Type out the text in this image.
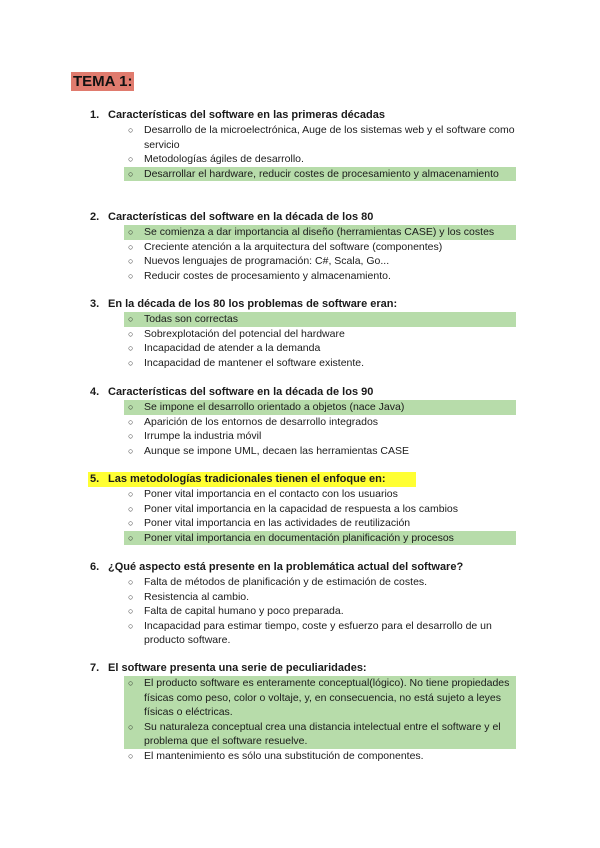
TEMA 1:
1. Características del software en las primeras décadas
○ Desarrollo de la microelectrónica, Auge de los sistemas web y el software como servicio
○ Metodologías ágiles de desarrollo.
○ Desarrollar el hardware, reducir costes de procesamiento y almacenamiento
2. Características del software en la década de los 80
○ Se comienza a dar importancia al diseño (herramientas CASE) y los costes
○ Creciente atención a la arquitectura del software (componentes)
○ Nuevos lenguajes de programación: C#, Scala, Go...
○ Reducir costes de procesamiento y almacenamiento.
3. En la década de los 80 los problemas de software eran:
○ Todas son correctas
○ Sobrexplotación del potencial del hardware
○ Incapacidad de atender a la demanda
○ Incapacidad de mantener el software existente.
4. Características del software en la década de los 90
○ Se impone el desarrollo orientado a objetos (nace Java)
○ Aparición de los entornos de desarrollo integrados
○ Irrumpe la industria móvil
○ Aunque se impone UML, decaen las herramientas CASE
5. Las metodologías tradicionales tienen el enfoque en:
○ Poner vital importancia en el contacto con los usuarios
○ Poner vital importancia en la capacidad de respuesta a los cambios
○ Poner vital importancia en las actividades de reutilización
○ Poner vital importancia en documentación planificación y procesos
6. ¿Qué aspecto está presente en la problemática actual del software?
○ Falta de métodos de planificación y de estimación de costes.
○ Resistencia al cambio.
○ Falta de capital humano y poco preparada.
○ Incapacidad para estimar tiempo, coste y esfuerzo para el desarrollo de un producto software.
7. El software presenta una serie de peculiaridades:
○ El producto software es enteramente conceptual(lógico). No tiene propiedades físicas como peso, color o voltaje, y, en consecuencia, no está sujeto a leyes físicas o eléctricas.
○ Su naturaleza conceptual crea una distancia intelectual entre el software y el problema que el software resuelve.
○ El mantenimiento es sólo una substitución de componentes.
